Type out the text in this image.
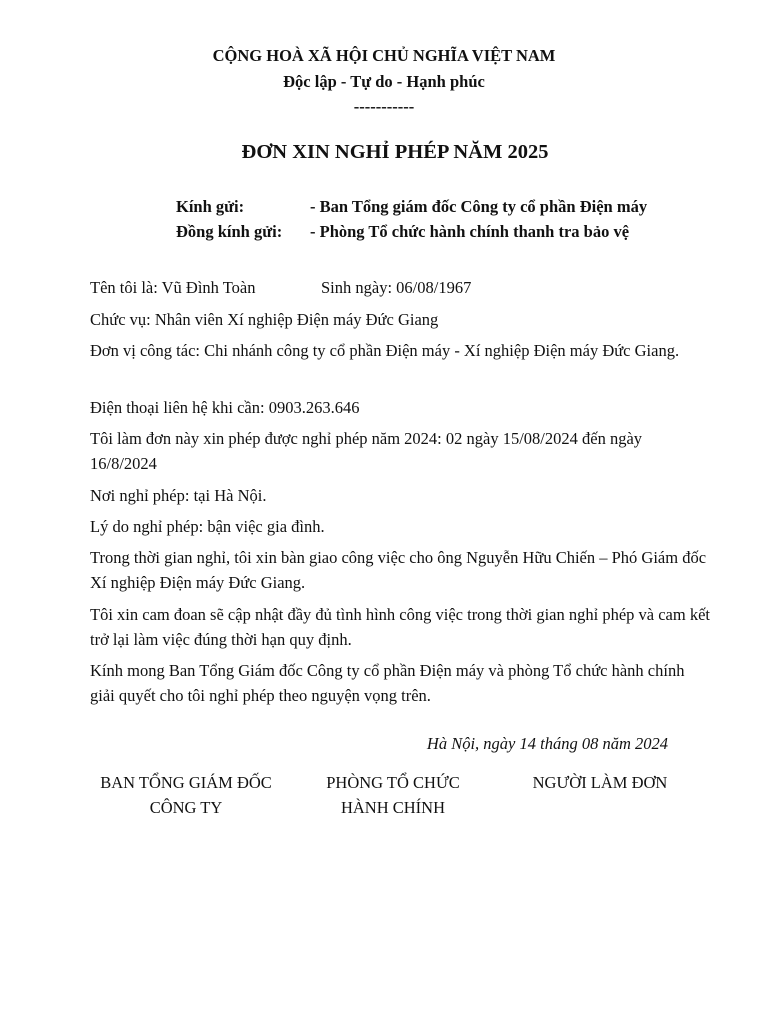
CỘNG HOÀ XÃ HỘI CHỦ NGHĨA VIỆT NAM
Độc lập - Tự do - Hạnh phúc
-----------
ĐƠN XIN NGHỈ PHÉP NĂM 2025
Kính gửi:	- Ban Tổng giám đốc Công ty cổ phần Điện máy
Đồng kính gửi: - Phòng Tổ chức hành chính thanh tra bảo vệ
Tên tôi là: Vũ Đình Toàn	Sinh ngày: 06/08/1967
Chức vụ: Nhân viên Xí nghiệp Điện máy Đức Giang
Đơn vị công tác: Chi nhánh công ty cổ phần Điện máy - Xí nghiệp Điện máy Đức Giang.
Điện thoại liên hệ khi cần: 0903.263.646
Tôi làm đơn này xin phép được nghỉ phép năm 2024: 02 ngày 15/08/2024 đến ngày 16/8/2024
Nơi nghỉ phép: tại Hà Nội.
Lý do nghỉ phép: bận việc gia đình.
Trong thời gian nghỉ, tôi xin bàn giao công việc cho ông Nguyễn Hữu Chiến – Phó Giám đốc Xí nghiệp Điện máy Đức Giang.
Tôi xin cam đoan sẽ cập nhật đầy đủ tình hình công việc trong thời gian nghỉ phép và cam kết trở lại làm việc đúng thời hạn quy định.
Kính mong Ban Tổng Giám đốc Công ty cổ phần Điện máy và phòng Tổ chức hành chính giải quyết cho tôi nghỉ phép theo nguyện vọng trên.
Hà Nội, ngày 14 tháng 08 năm 2024
BAN TỔNG GIÁM ĐỐC
CÔNG TY
PHÒNG TỔ CHỨC
HÀNH CHÍNH
NGƯỜI LÀM ĐƠN
